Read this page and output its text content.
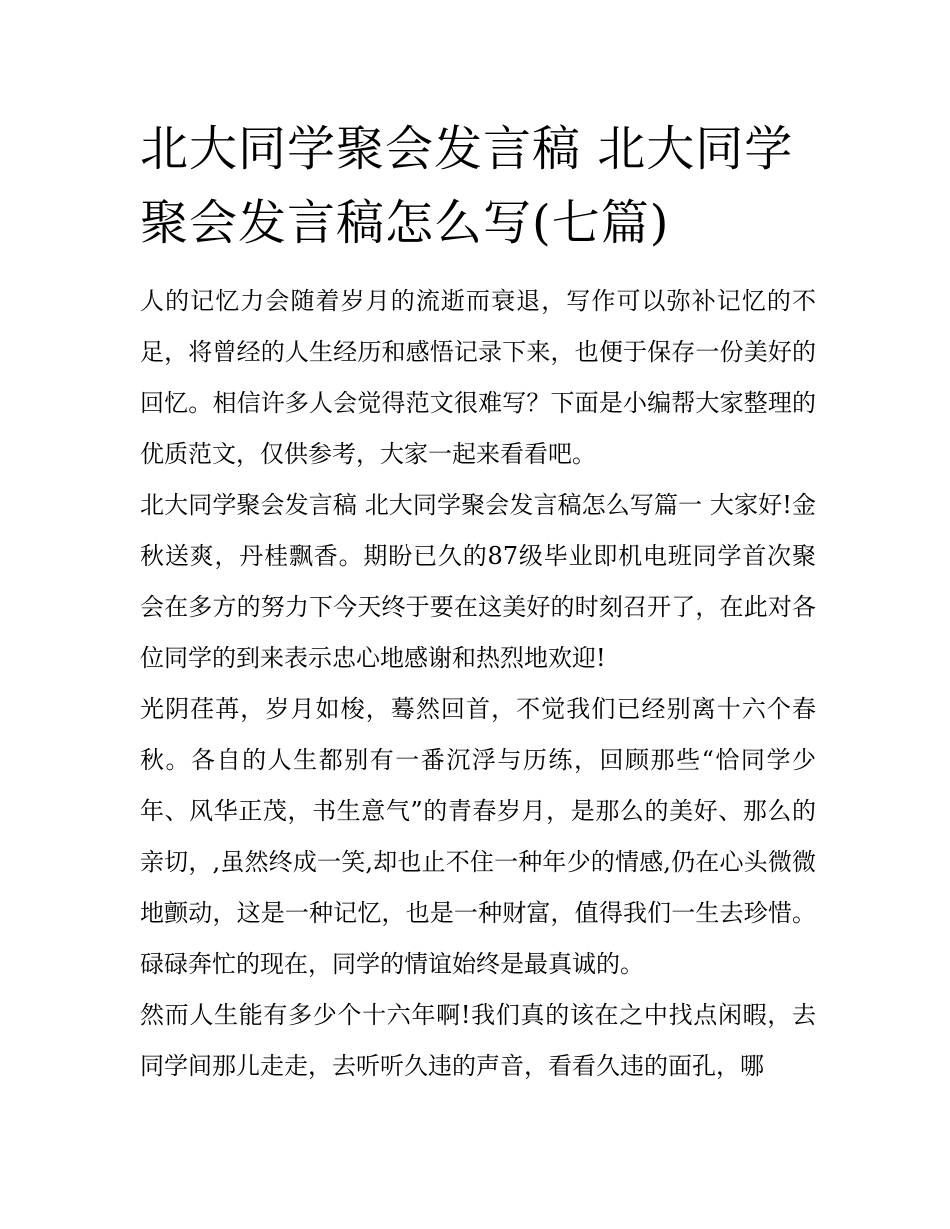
北大同学聚会发言稿 北大同学聚会发言稿怎么写(七篇)

人的记忆力会随着岁月的流逝而衰退，写作可以弥补记忆的不足，将曾经的人生经历和感悟记录下来，也便于保存一份美好的回忆。相信许多人会觉得范文很难写？下面是小编帮大家整理的优质范文，仅供参考，大家一起来看看吧。

北大同学聚会发言稿 北大同学聚会发言稿怎么写篇一 大家好!金秋送爽，丹桂飘香。期盼已久的87级毕业即机电班同学首次聚会在多方的努力下今天终于要在这美好的时刻召开了，在此对各位同学的到来表示忠心地感谢和热烈地欢迎!

光阴荏苒，岁月如梭，蓦然回首，不觉我们已经别离十六个春秋。各自的人生都别有一番沉浮与历练，回顾那些“恰同学少年、风华正茂，书生意气”的青春岁月，是那么的美好、那么的亲切，,虽然终成一笑,却也止不住一种年少的情感,仍在心头微微地颤动，这是一种记忆，也是一种财富，值得我们一生去珍惜。碌碌奔忙的现在，同学的情谊始终是最真诚的。

然而人生能有多少个十六年啊!我们真的该在之中找点闲暇，去同学间那儿走走，去听听久违的声音，看看久违的面孔，哪
